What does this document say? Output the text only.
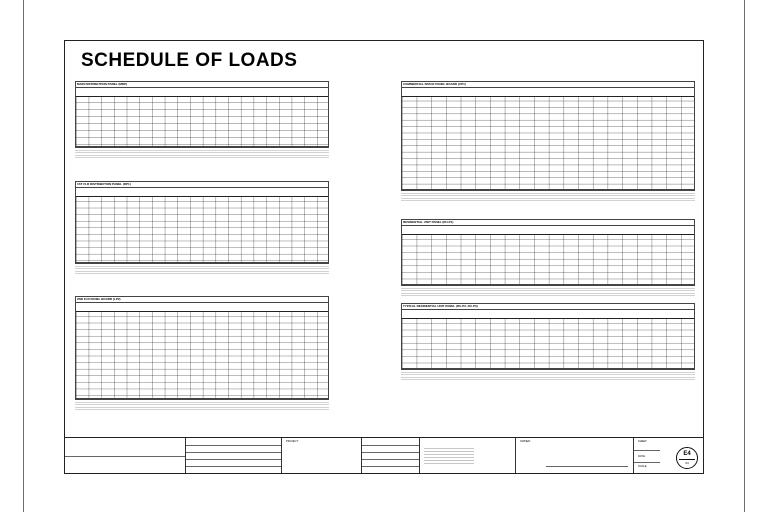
SCHEDULE OF LOADS
MAIN DISTRIBUTION PANEL (MDP)
1ST FLR DISTRIBUTION PANEL (DP1)
2ND FLR PANEL BOARD (LP2)
COMMERCIAL SPACE PANEL BOARD (CP1)
RESIDENTIAL UNIT PANEL (RU-P1)
TYPICAL RESIDENTIAL UNIT PANEL (RU-P2, RU-P3)
PROJECT:	OWNER:	SHEET:
DATE:
SCALE:
E4
04
